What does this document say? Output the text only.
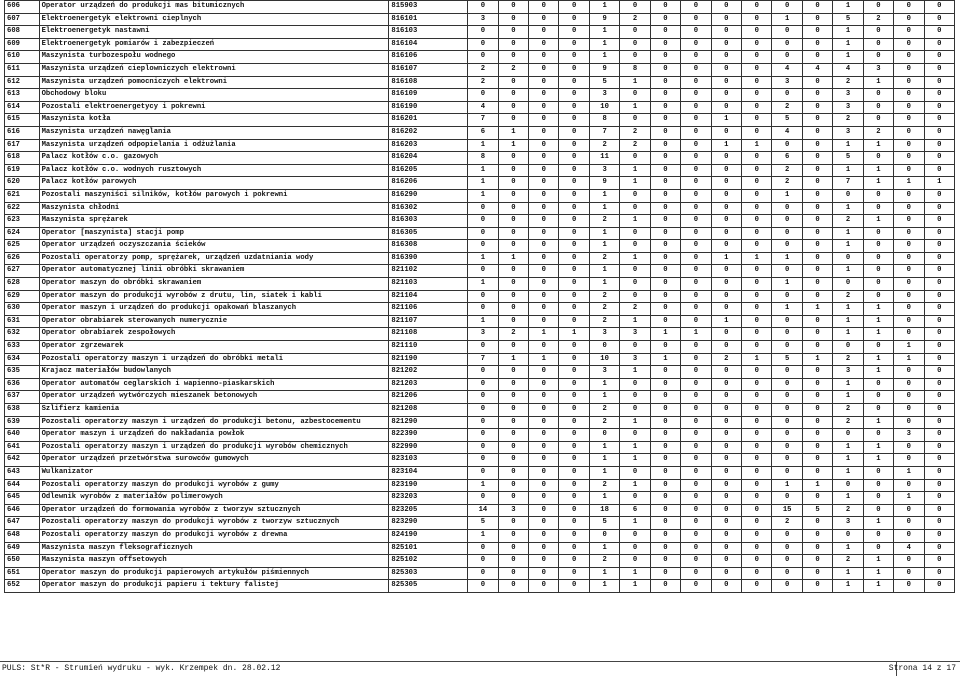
606	Operator urządzeń do produkcji mas bitumicznych	815903	0	0	0	0	1	0	0	0	0	0	0	0	1	0	0	0
607	Elektroenergetyk elektrowni cieplnych	816101	3	0	0	0	9	2	0	0	0	0	1	0	5	2	0	0
608	Elektroenergetyk nastawni	816103	0	0	0	0	1	0	0	0	0	0	0	0	1	0	0	0
609	Elektroenergetyk pomiarów i zabezpieczeń	816104	0	0	0	0	1	0	0	0	0	0	0	0	1	0	0	0
610	Maszynista turbozespołu wodnego	816106	0	0	0	0	1	0	0	0	0	0	0	0	1	0	0	0
611	Maszynista urządzeń cieplowniczych elektrowni	816107	2	2	0	0	9	8	0	0	0	0	4	4	4	3	0	0
612	Maszynista urządzeń pomocniczych elektrowni	816108	2	0	0	0	5	1	0	0	0	0	3	0	2	1	0	0
613	Obchodowy bloku	816109	0	0	0	0	3	0	0	0	0	0	0	0	3	0	0	0
614	Pozostali elektroenergetycy i pokrewni	816190	4	0	0	0	10	1	0	0	0	0	2	0	3	0	0	0
615	Maszynista kotła	816201	7	0	0	0	8	0	0	0	1	0	5	0	2	0	0	0
616	Maszynista urządzeń nawęglania	816202	6	1	0	0	7	2	0	0	0	0	4	0	3	2	0	0
617	Maszynista urządzeń odpopielania i odżużlania	816203	1	1	0	0	2	2	0	0	1	1	0	0	1	1	0	0
618	Palacz kotłów c.o. gazowych	816204	8	0	0	0	11	0	0	0	0	0	6	0	5	0	0	0
619	Palacz kotłów c.o. wodnych rusztowych	816205	1	0	0	0	3	1	0	0	0	0	2	0	1	1	0	0
620	Palacz kotłów parowych	816206	1	0	0	0	9	1	0	0	0	0	2	0	7	1	1	1
621	Pozostali maszyniści silników, kotłów parowych i pokrewni	816290	1	0	0	0	1	0	0	0	0	0	1	0	0	0	0	0
622	Maszynista chłodni	816302	0	0	0	0	1	0	0	0	0	0	0	0	1	0	0	0
623	Maszynista sprężarek	816303	0	0	0	0	2	1	0	0	0	0	0	0	2	1	0	0
624	Operator [maszynista] stacji pomp	816305	0	0	0	0	1	0	0	0	0	0	0	0	1	0	0	0
625	Operator urządzeń oczyszczania ścieków	816308	0	0	0	0	1	0	0	0	0	0	0	0	1	0	0	0
626	Pozostali operatorzy pomp, sprężarek, urządzeń uzdatniania wody	816390	1	1	0	0	2	1	0	0	1	1	1	0	0	0	0	0
627	Operator automatycznej linii obróbki skrawaniem	821102	0	0	0	0	1	0	0	0	0	0	0	0	1	0	0	0
628	Operator maszyn do obróbki skrawaniem	821103	1	0	0	0	1	0	0	0	0	0	1	0	0	0	0	0
629	Operator maszyn do produkcji wyrobów z drutu, lin, siatek i kabli	821104	0	0	0	0	2	0	0	0	0	0	0	0	2	0	0	0
630	Operator maszyn i urządzeń do produkcji opakowań blaszanych	821106	0	0	0	0	2	2	0	0	0	0	1	1	1	1	0	0
631	Operator obrabiarek sterowanych numerycznie	821107	1	0	0	0	2	1	0	0	1	0	0	0	1	1	0	0
632	Operator obrabiarek zespołowych	821108	3	2	1	1	3	3	1	1	0	0	0	0	1	1	0	0
633	Operator zgrzewarek	821110	0	0	0	0	0	0	0	0	0	0	0	0	0	0	1	0
634	Pozostali operatorzy maszyn i urządzeń do obróbki metali	821190	7	1	1	0	10	3	1	0	2	1	5	1	2	1	1	0
635	Krajacz materiałów budowlanych	821202	0	0	0	0	3	1	0	0	0	0	0	0	3	1	0	0
636	Operator automatów ceglarskich i wapienno-piaskarskich	821203	0	0	0	0	1	0	0	0	0	0	0	0	1	0	0	0
637	Operator urządzeń wytwórczych mieszanek betonowych	821206	0	0	0	0	1	0	0	0	0	0	0	0	1	0	0	0
638	Szlifierz kamienia	821208	0	0	0	0	2	0	0	0	0	0	0	0	2	0	0	0
639	Pozostali operatorzy maszyn i urządzeń do produkcji betonu, azbestocementu	821290	0	0	0	0	2	1	0	0	0	0	0	0	2	1	0	0
640	Operator maszyn i urządzeń do nakładania powłok	822390	0	0	0	0	0	0	0	0	0	0	0	0	0	0	3	0
641	Pozostali operatorzy maszyn i urządzeń do produkcji wyrobów chemicznych	822990	0	0	0	0	1	1	0	0	0	0	0	0	1	1	0	0
642	Operator urządzeń przetwórstwa surowców gumowych	823103	0	0	0	0	1	1	0	0	0	0	0	0	1	1	0	0
643	Wulkanizator	823104	0	0	0	0	1	0	0	0	0	0	0	0	1	0	1	0
644	Pozostali operatorzy maszyn do produkcji wyrobów z gumy	823190	1	0	0	0	2	1	0	0	0	0	1	1	0	0	0	0
645	Odlewnik wyrobów z materiałów polimerowych	823203	0	0	0	0	1	0	0	0	0	0	0	0	1	0	1	0
646	Operator urządzeń do formowania wyrobów z tworzyw sztucznych	823205	14	3	0	0	18	6	0	0	0	0	15	5	2	0	0	0
647	Pozostali operatorzy maszyn do produkcji wyrobów z tworzyw sztucznych	823290	5	0	0	0	5	1	0	0	0	0	2	0	3	1	0	0
648	Pozostali operatorzy maszyn do produkcji wyrobów z drewna	824190	1	0	0	0	0	0	0	0	0	0	0	0	0	0	0	0
649	Maszynista maszyn fleksograficznych	825101	0	0	0	0	1	0	0	0	0	0	0	0	1	0	4	0
650	Maszynista maszyn offsetowych	825102	0	0	0	0	2	0	0	0	0	0	0	0	2	1	0	0
651	Operator maszyn do produkcji papierowych artykułów piśmiennych	825303	0	0	0	0	1	1	0	0	0	0	0	0	1	1	0	0
652	Operator maszyn do produkcji papieru i tektury falistej	825305	0	0	0	0	1	1	0	0	0	0	0	0	1	1	0	0
PULS: St*R - Strumień wydruku - wyk. Krzempek dn. 28.02.12	Strona 14 z 17
